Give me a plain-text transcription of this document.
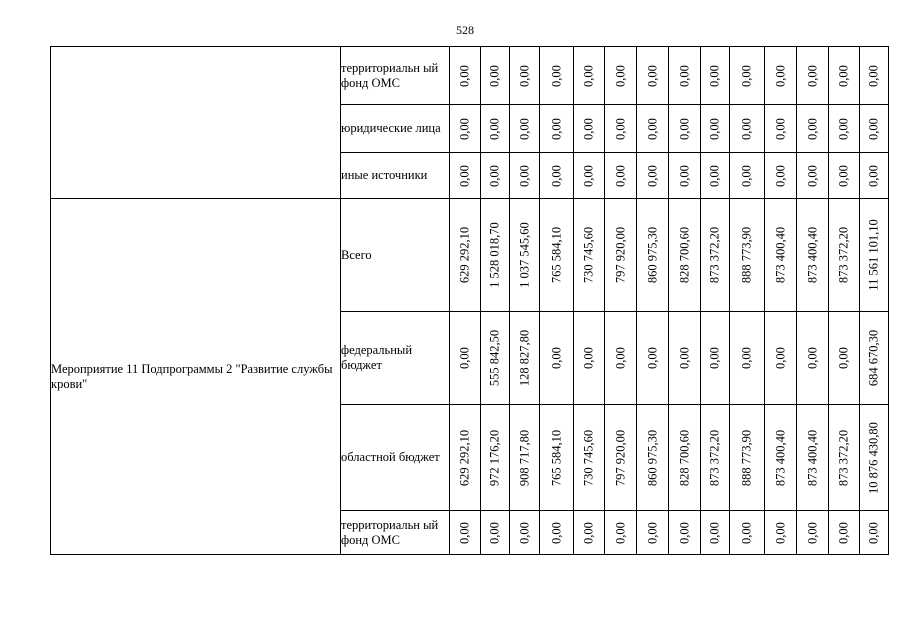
528
	территориальн ый фонд ОМС	0,00	0,00	0,00	0,00	0,00	0,00	0,00	0,00	0,00	0,00	0,00	0,00	0,00	0,00

	юридические лица	0,00	0,00	0,00	0,00	0,00	0,00	0,00	0,00	0,00	0,00	0,00	0,00	0,00	0,00

	иные источники	0,00	0,00	0,00	0,00	0,00	0,00	0,00	0,00	0,00	0,00	0,00	0,00	0,00	0,00

Мероприятие 11 Подпрограммы 2 "Развитие службы крови"	Всего	629 292,10	1 528 018,70	1 037 545,60	765 584,10	730 745,60	797 920,00	860 975,30	828 700,60	873 372,20	888 773,90	873 400,40	873 400,40	873 372,20	11 561 101,10

	федеральный бюджет	0,00	555 842,50	128 827,80	0,00	0,00	0,00	0,00	0,00	0,00	0,00	0,00	0,00	0,00	684 670,30

	областной бюджет	629 292,10	972 176,20	908 717,80	765 584,10	730 745,60	797 920,00	860 975,30	828 700,60	873 372,20	888 773,90	873 400,40	873 400,40	873 372,20	10 876 430,80

	территориальн ый фонд ОМС	0,00	0,00	0,00	0,00	0,00	0,00	0,00	0,00	0,00	0,00	0,00	0,00	0,00	0,00
